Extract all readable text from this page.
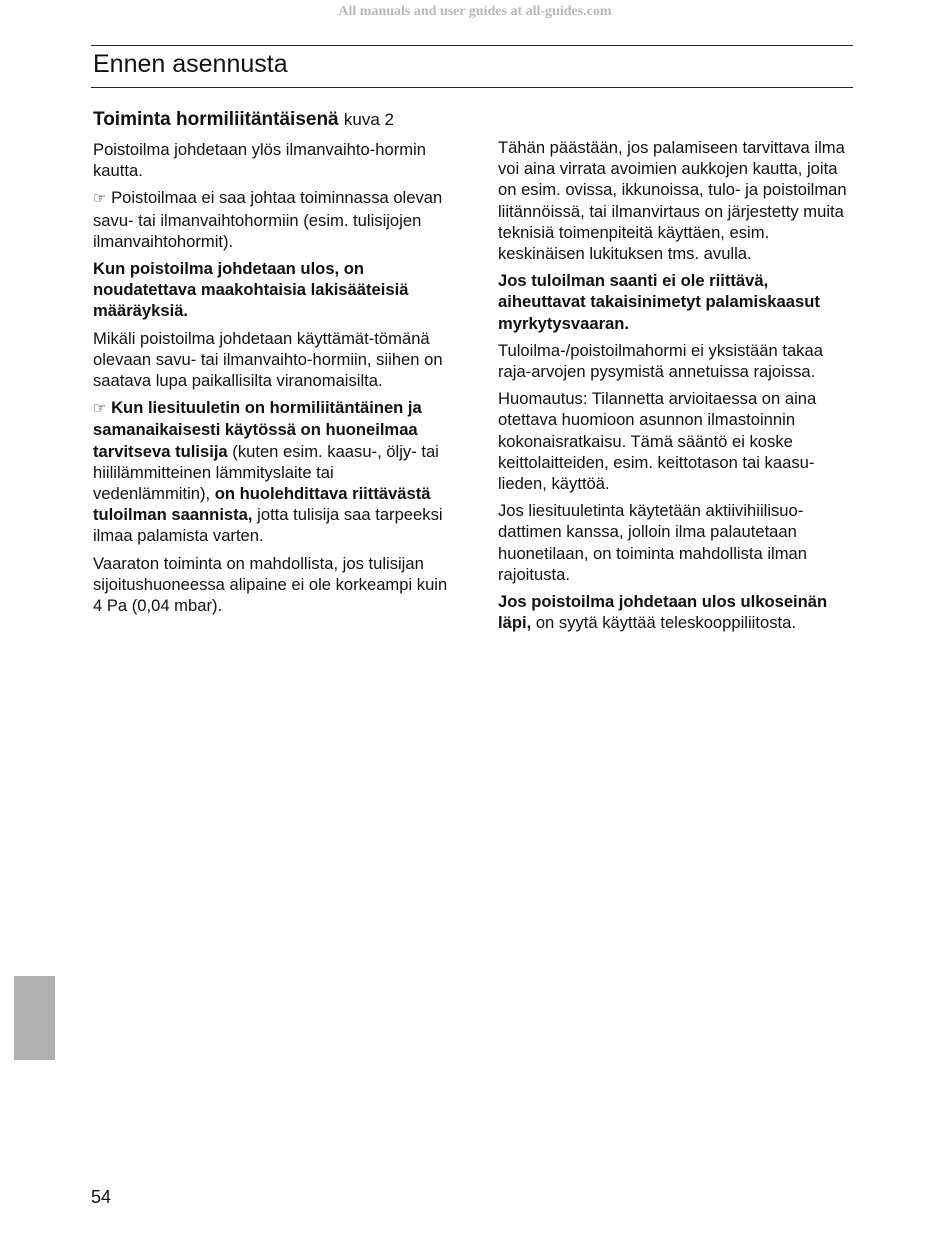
All manuals and user guides at all-guides.com
Ennen asennusta
Toiminta hormiliitäntäisenä kuva 2

Poistoilma johdetaan ylös ilmanvaihto-hormin kautta.

☞ Poistoilmaa ei saa johtaa toiminnassa olevan savu- tai ilmanvaihtohormiin (esim. tulisijojen ilmanvaihtohormit).

Kun poistoilma johdetaan ulos, on noudatettava maakohtaisia lakisääteisiä määräyksiä.

Mikäli poistoilma johdetaan käyttämät-tömänä olevaan savu- tai ilmanvaihto-hormiin, siihen on saatava lupa paikallisilta viranomaisilta.

☞ Kun liesituuletin on hormiliitäntäinen ja samanaikaisesti käytössä on huoneilmaa tarvitseva tulisija (kuten esim. kaasu-, öljy- tai hiililämmitteinen lämmityslaite tai vedenlämmitin), on huolehdittava riittävästä tuloilman saannista, jotta tulisija saa tarpeeksi ilmaa palamista varten.

Vaaraton toiminta on mahdollista, jos tulisijan sijoitushuoneessa alipaine ei ole korkeampi kuin 4 Pa (0,04 mbar).

Tähän päästään, jos palamiseen tarvittava ilma voi aina virrata avoimien aukkojen kautta, joita on esim. ovissa, ikkunoissa, tulo- ja poistoilman liitännöissä, tai ilmanvirtaus on järjestetty muita teknisiä toimenpiteitä käyttäen, esim. keskinäisen lukituksen tms. avulla.

Jos tuloilman saanti ei ole riittävä, aiheuttavat takaisinimetyt palamiskaasut myrkytysvaaran.

Tuloilma-/poistoilmahormi ei yksistään takaa raja-arvojen pysymistä annetuissa rajoissa.

Huomautus: Tilannetta arvioitaessa on aina otettava huomioon asunnon ilmastoinnin kokonaisratkaisu. Tämä sääntö ei koske keittolaitteiden, esim. keittotason tai kaasu-lieden, käyttöä.

Jos liesituuletinta käytetään aktiivihiilisuo-dattimen kanssa, jolloin ilma palautetaan huonetilaan, on toiminta mahdollista ilman rajoitusta.

Jos poistoilma johdetaan ulos ulkoseinän läpi, on syytä käyttää teleskooppiliitosta.

54
